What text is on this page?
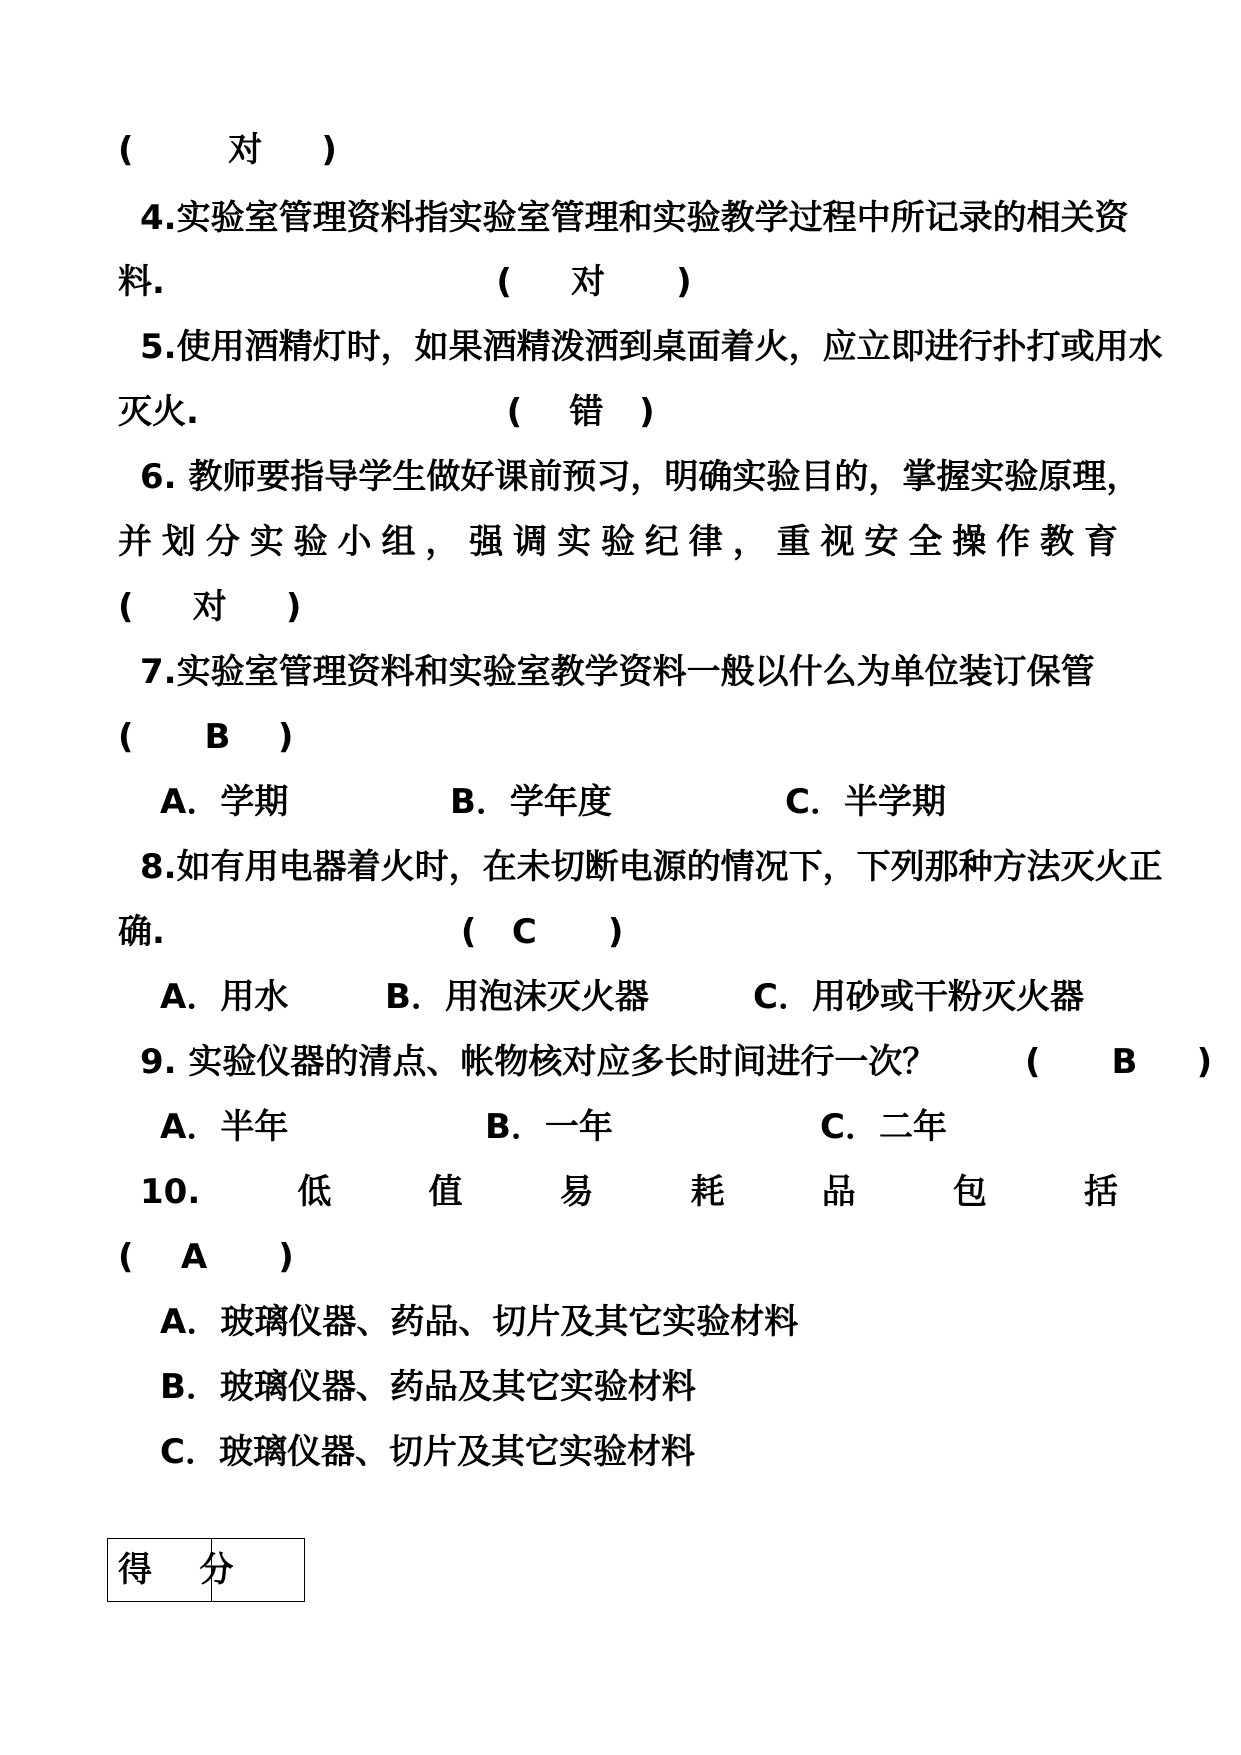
(        对     )
4.实验室管理资料指实验室管理和实验教学过程中所记录的相关资
料.                            (     对      )
5.使用酒精灯时，如果酒精泼洒到桌面着火，应立即进行扑打或用水
灭火.                          (    错   )
6. 教师要指导学生做好课前预习，明确实验目的，掌握实验原理，
并 划 分 实 验 小 组 ， 强 调 实 验 纪 律 ， 重 视 安 全 操 作 教 育
(     对     )
7.实验室管理资料和实验室教学资料一般以什么为单位装订保管
(      B    )
A．学期	B．学年度	C．半学期
8.如有用电器着火时，在未切断电源的情况下，下列那种方法灭火正
确.                         (   C      )
A．用水	B．用泡沫灭火器	C．用砂或干粉灭火器
9. 实验仪器的清点、帐物核对应多长时间进行一次？	(      B     )
A．半年	B．一年	C．二年
10.	低	值	易	耗	品	包	括
(    A      )
A．玻璃仪器、药品、切片及其它实验材料
B．玻璃仪器、药品及其它实验材料
C．玻璃仪器、切片及其它实验材料
得    分
